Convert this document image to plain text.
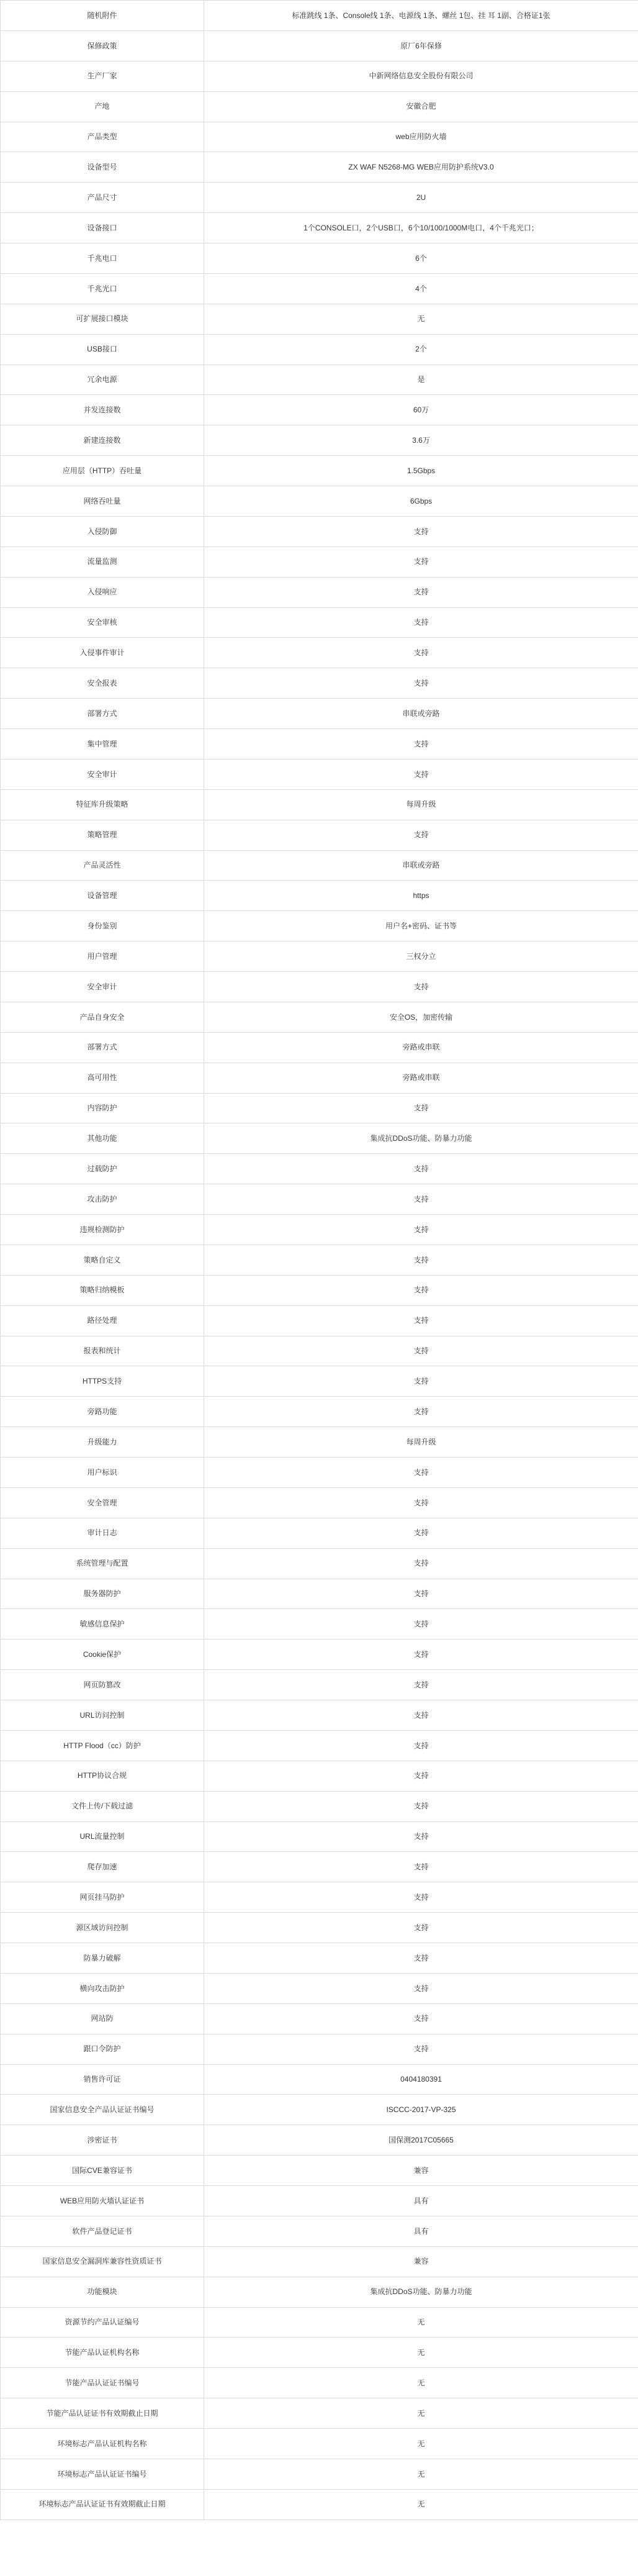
随机附件	标准跳线 1条、Console线 1条、电源线 1条、螺丝 1包、挂 耳 1副、合格证1张
保修政策	原厂6年保修
生产厂家	中新网络信息安全股份有限公司
产地	安徽合肥
产品类型	web应用防火墙
设备型号	ZX WAF N5268-MG WEB应用防护系统V3.0
产品尺寸	2U
设备接口	1个CONSOLE口，2个USB口，6个10/100/1000M电口，4个千兆光口；
千兆电口	6个
千兆光口	4个
可扩展接口模块	无
USB接口	2个
冗余电源	是
并发连接数	60万
新建连接数	3.6万
应用层（HTTP）吞吐量	1.5Gbps
网络吞吐量	6Gbps
入侵防御	支持
流量监测	支持
入侵响应	支持
安全审核	支持
入侵事件审计	支持
安全报表	支持
部署方式	串联或旁路
集中管理	支持
安全审计	支持
特征库升级策略	每周升级
策略管理	支持
产品灵活性	串联或旁路
设备管理	https
身份鉴别	用户名+密码、证书等
用户管理	三权分立
安全审计	支持
产品自身安全	安全OS，加密传输
部署方式	旁路或串联
高可用性	旁路或串联
内容防护	支持
其他功能	集成抗DDoS功能、防暴力功能
过载防护	支持
攻击防护	支持
违规检测防护	支持
策略自定义	支持
策略归纳模板	支持
路径处理	支持
报表和统计	支持
HTTPS支持	支持
旁路功能	支持
升级能力	每周升级
用户标识	支持
安全管理	支持
审计日志	支持
系统管理与配置	支持
服务器防护	支持
敏感信息保护	支持
Cookie保护	支持
网页防篡改	支持
URL访问控制	支持
HTTP Flood（cc）防护	支持
HTTP协议合规	支持
文件上传/下载过滤	支持
URL流量控制	支持
爬存加速	支持
网页挂马防护	支持
源区域访问控制	支持
防暴力破解	支持
横向攻击防护	支持
网站防	支持
跟口令防护	支持
销售许可证	0404180391
国家信息安全产品认证证书编号	ISCCC-2017-VP-325
涉密证书	国保测2017C05665
国际CVE兼容证书	兼容
WEB应用防火墙认证证书	具有
软件产品登记证书	具有
国家信息安全漏洞库兼容性资质证书	兼容
功能模块	集成抗DDoS功能、防暴力功能
资源节约产品认证编号	无
节能产品认证机构名称	无
节能产品认证证书编号	无
节能产品认证证书有效期截止日期	无
环境标志产品认证机构名称	无
环境标志产品认证证书编号	无
环境标志产品认证证书有效期截止日期	无
